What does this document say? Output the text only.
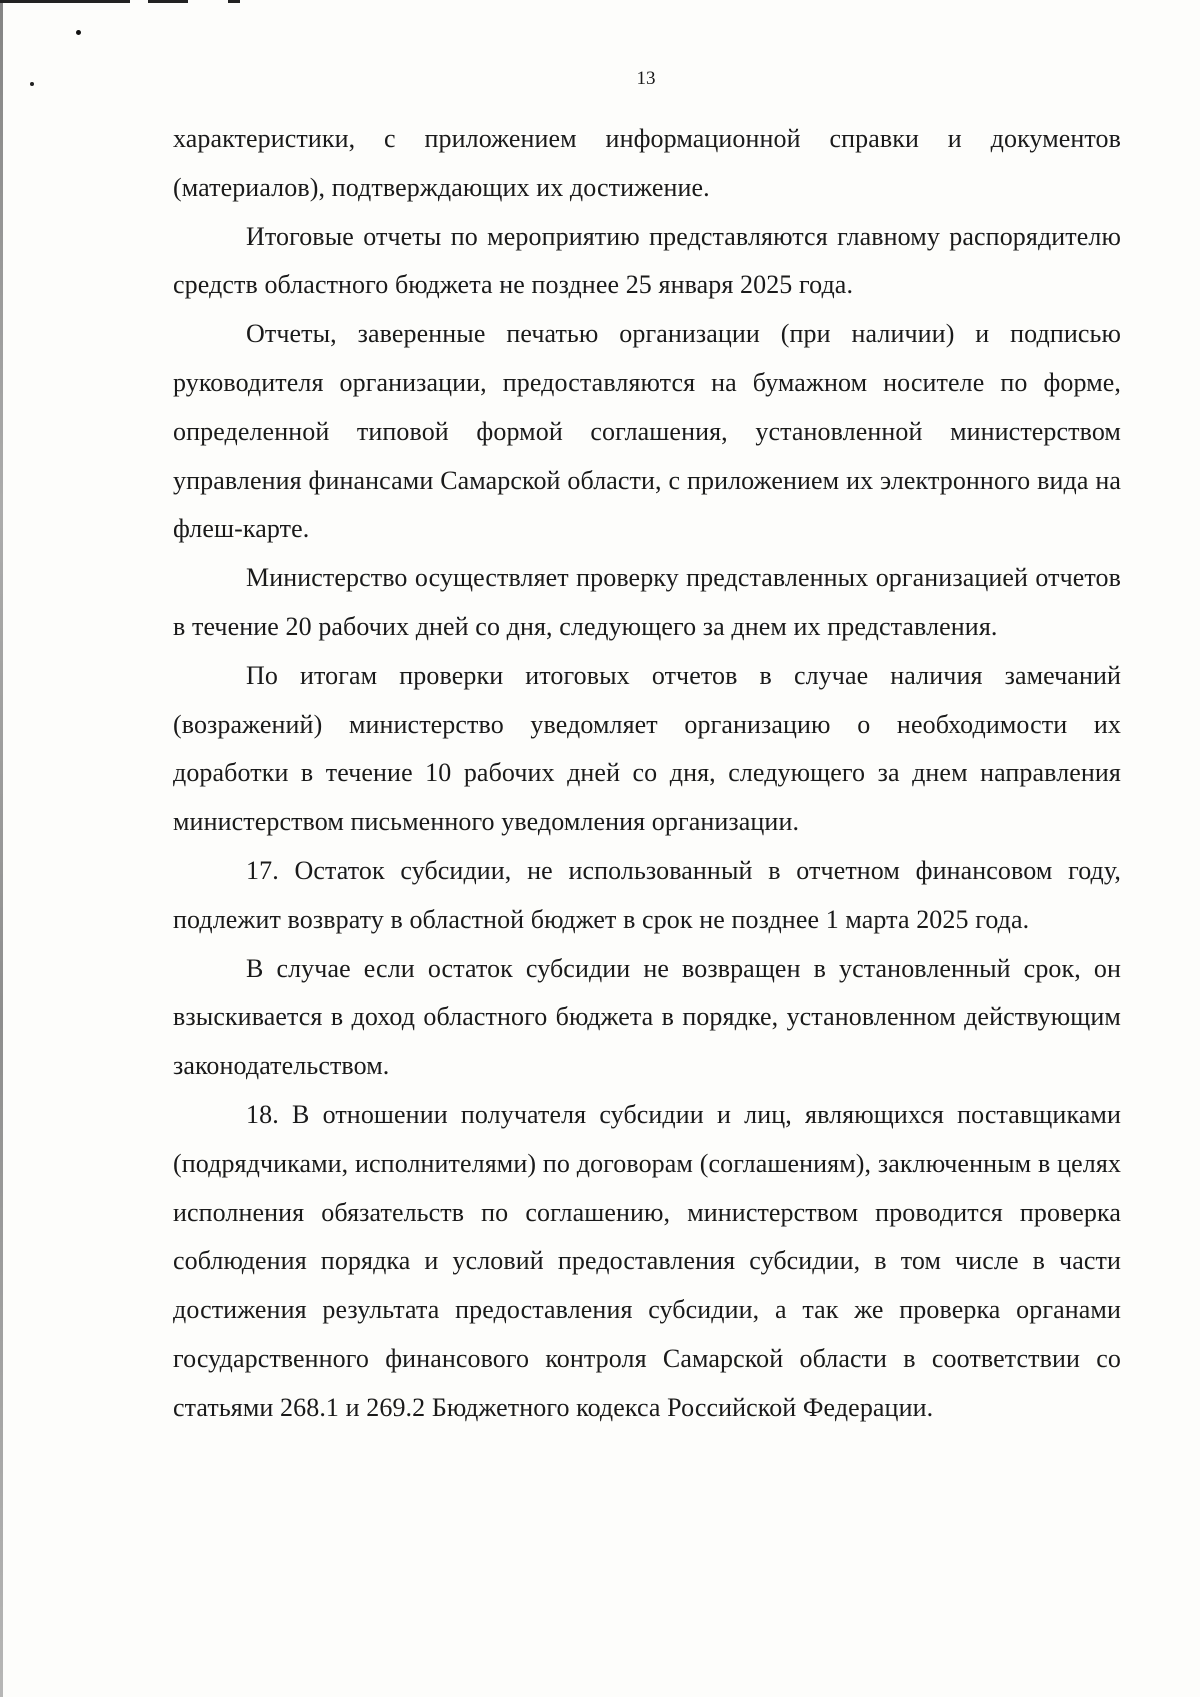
13

характеристики, с приложением информационной справки и документов (материалов), подтверждающих их достижение.

Итоговые отчеты по мероприятию представляются главному распорядителю средств областного бюджета не позднее 25 января 2025 года.

Отчеты, заверенные печатью организации (при наличии) и подписью руководителя организации, предоставляются на бумажном носителе по форме, определенной типовой формой соглашения, установленной министерством управления финансами Самарской области, с приложением их электронного вида на флеш-карте.

Министерство осуществляет проверку представленных организацией отчетов в течение 20 рабочих дней со дня, следующего за днем их представления.

По итогам проверки итоговых отчетов в случае наличия замечаний (возражений) министерство уведомляет организацию о необходимости их доработки в течение 10 рабочих дней со дня, следующего за днем направления министерством письменного уведомления организации.

17. Остаток субсидии, не использованный в отчетном финансовом году, подлежит возврату в областной бюджет в срок не позднее 1 марта 2025 года.

В случае если остаток субсидии не возвращен в установленный срок, он взыскивается в доход областного бюджета в порядке, установленном действующим законодательством.

18. В отношении получателя субсидии и лиц, являющихся поставщиками (подрядчиками, исполнителями) по договорам (соглашениям), заключенным в целях исполнения обязательств по соглашению, министерством проводится проверка соблюдения порядка и условий предоставления субсидии, в том числе в части достижения результата предоставления субсидии, а так же проверка органами государственного финансового контроля Самарской области в соответствии со статьями 268.1 и 269.2 Бюджетного кодекса Российской Федерации.
